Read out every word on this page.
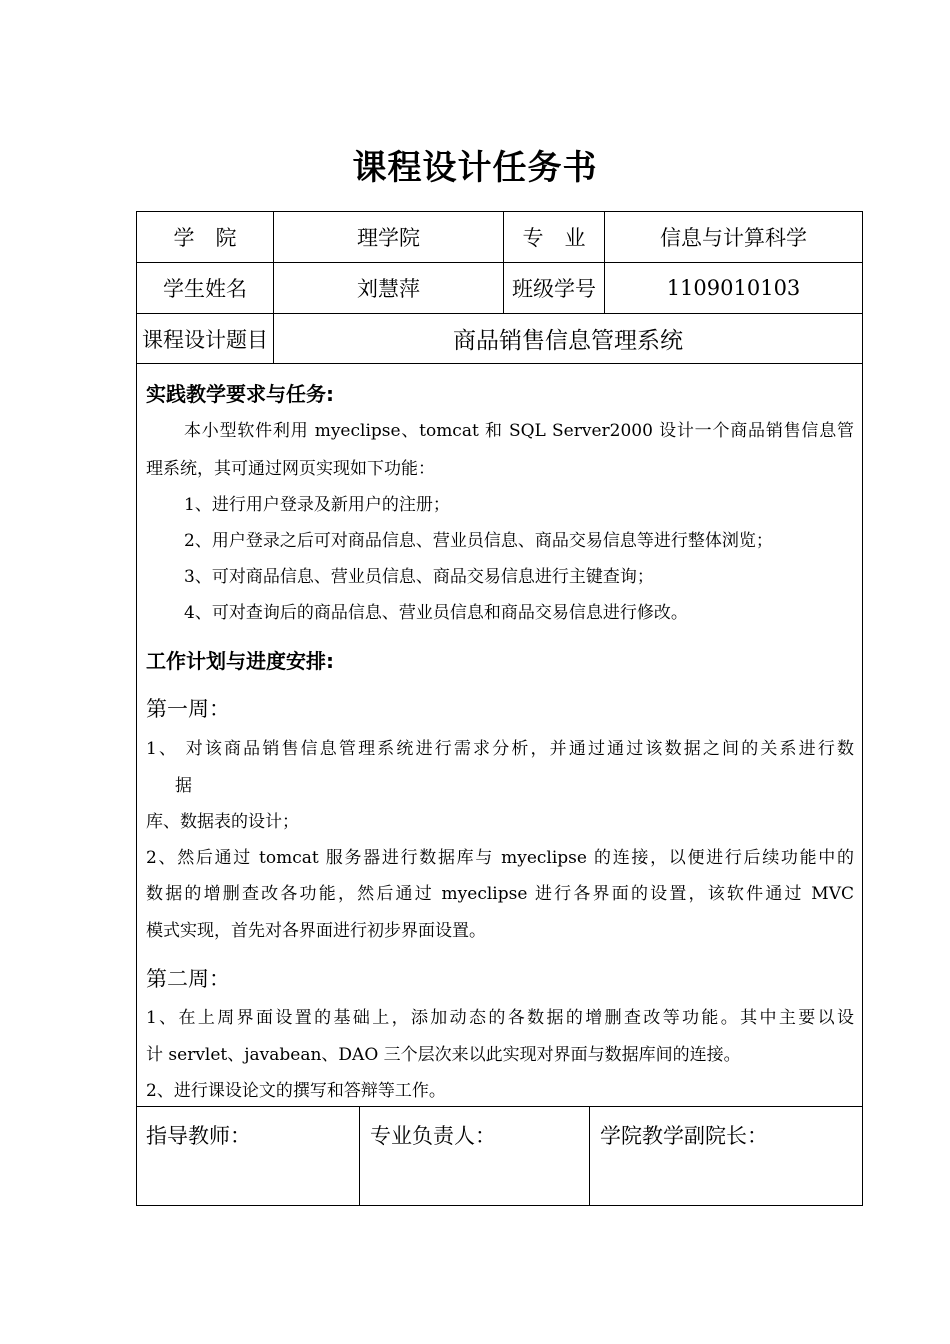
课程设计任务书
学　院	理学院	专　业	信息与计算科学
学生姓名	刘慧萍	班级学号	1109010103
课程设计题目	商品销售信息管理系统
实践教学要求与任务:
本小型软件利用 myeclipse、tomcat 和 SQL Server2000 设计一个商品销售信息管
理系统，其可通过网页实现如下功能：
1、进行用户登录及新用户的注册；
2、用户登录之后可对商品信息、营业员信息、商品交易信息等进行整体浏览；
3、可对商品信息、营业员信息、商品交易信息进行主键查询；
4、可对查询后的商品信息、营业员信息和商品交易信息进行修改。
工作计划与进度安排:
第一周：
1、 对该商品销售信息管理系统进行需求分析，并通过通过该数据之间的关系进行数
据
库、数据表的设计；
2、然后通过 tomcat 服务器进行数据库与 myeclipse 的连接，以便进行后续功能中的
数据的增删查改各功能，然后通过 myeclipse 进行各界面的设置，该软件通过 MVC
模式实现，首先对各界面进行初步界面设置。
第二周：
1、在上周界面设置的基础上，添加动态的各数据的增删查改等功能。其中主要以设
计 servlet、javabean、DAO 三个层次来以此实现对界面与数据库间的连接。
2、进行课设论文的撰写和答辩等工作。
指导教师：	专业负责人：	学院教学副院长：
